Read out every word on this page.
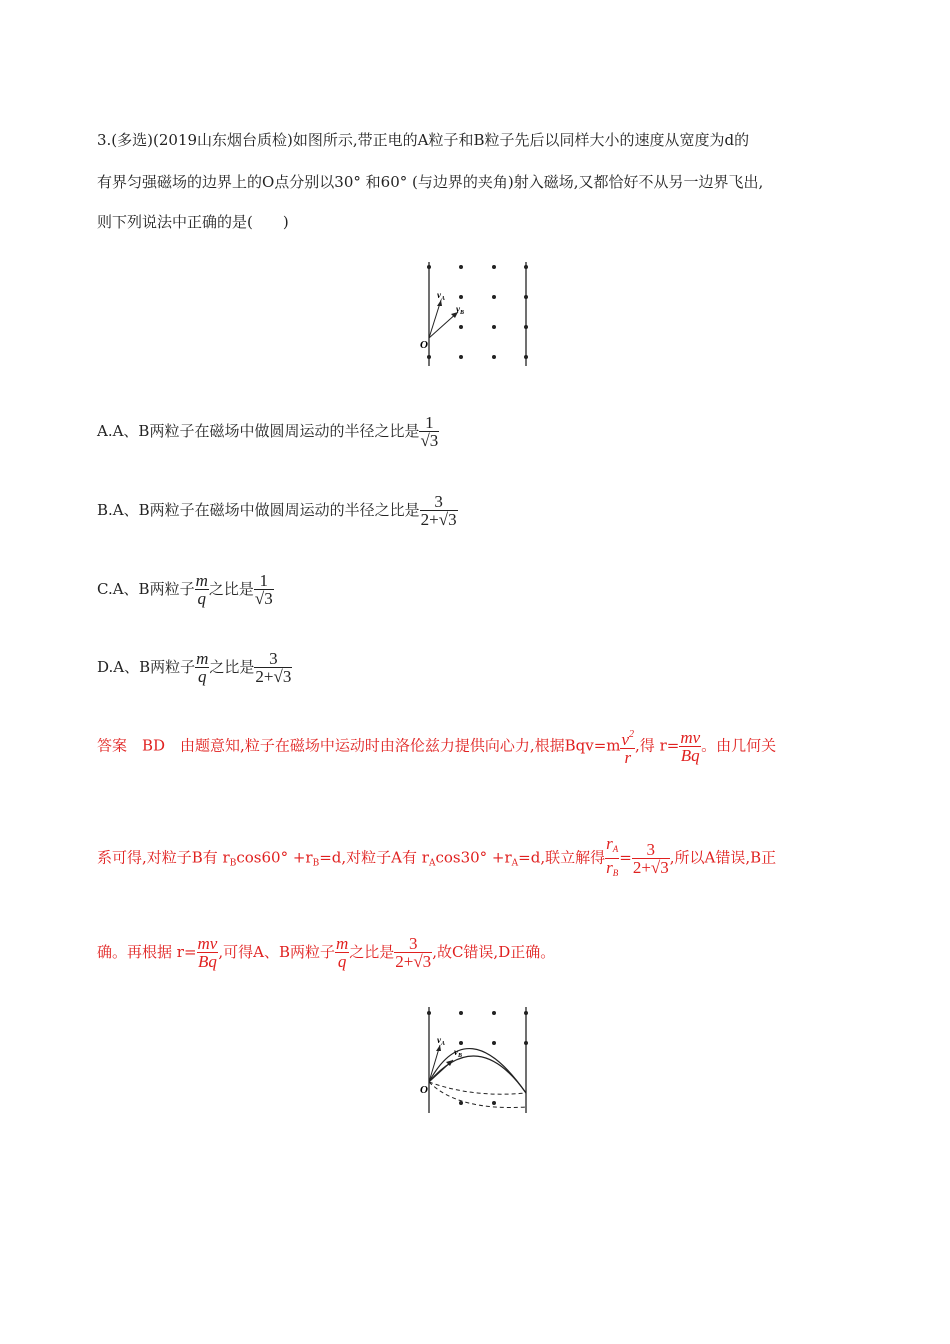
3.(多选)(2019山东烟台质检)如图所示,带正电的A粒子和B粒子先后以同样大小的速度从宽度为d的
有界匀强磁场的边界上的O点分别以30° 和60° (与边界的夹角)射入磁场,又都恰好不从另一边界飞出,
则下列说法中正确的是(　　)
O
$v_A$
$v_B$
A.A、B两粒子在磁场中做圆周运动的半径之比是 $\frac{1}{√3}$
B.A、B两粒子在磁场中做圆周运动的半径之比是 $\frac{3}{2+√3}$
C.A、B两粒子 $\frac{m}{q}$ 之比是 $\frac{1}{√3}$
D.A、B两粒子 $\frac{m}{q}$ 之比是 $\frac{3}{2+√3}$
答案　BD　由题意知,粒子在磁场中运动时由洛伦兹力提供向心力,根据$Bqv=m \frac{v^2}{r}$ ,得 $r= \frac{mv}{Bq}$ 。由几何关
系可得,对粒子B有 $r_B\cos 60^\circ +r_B=d$,对粒子A有 $r_A\cos 30^\circ +r_A=d$,联立解得 $\frac{r_A}{r_B} = \frac{3}{2+√3}$ ,所以A错误,B正
确。再根据 $r= \frac{mv}{Bq}$ ,可得A、B两粒子 $\frac{m}{q}$ 之比是 $\frac{3}{2+√3}$ ,故C错误,D正确。
O
$v_A$
$v_B$
